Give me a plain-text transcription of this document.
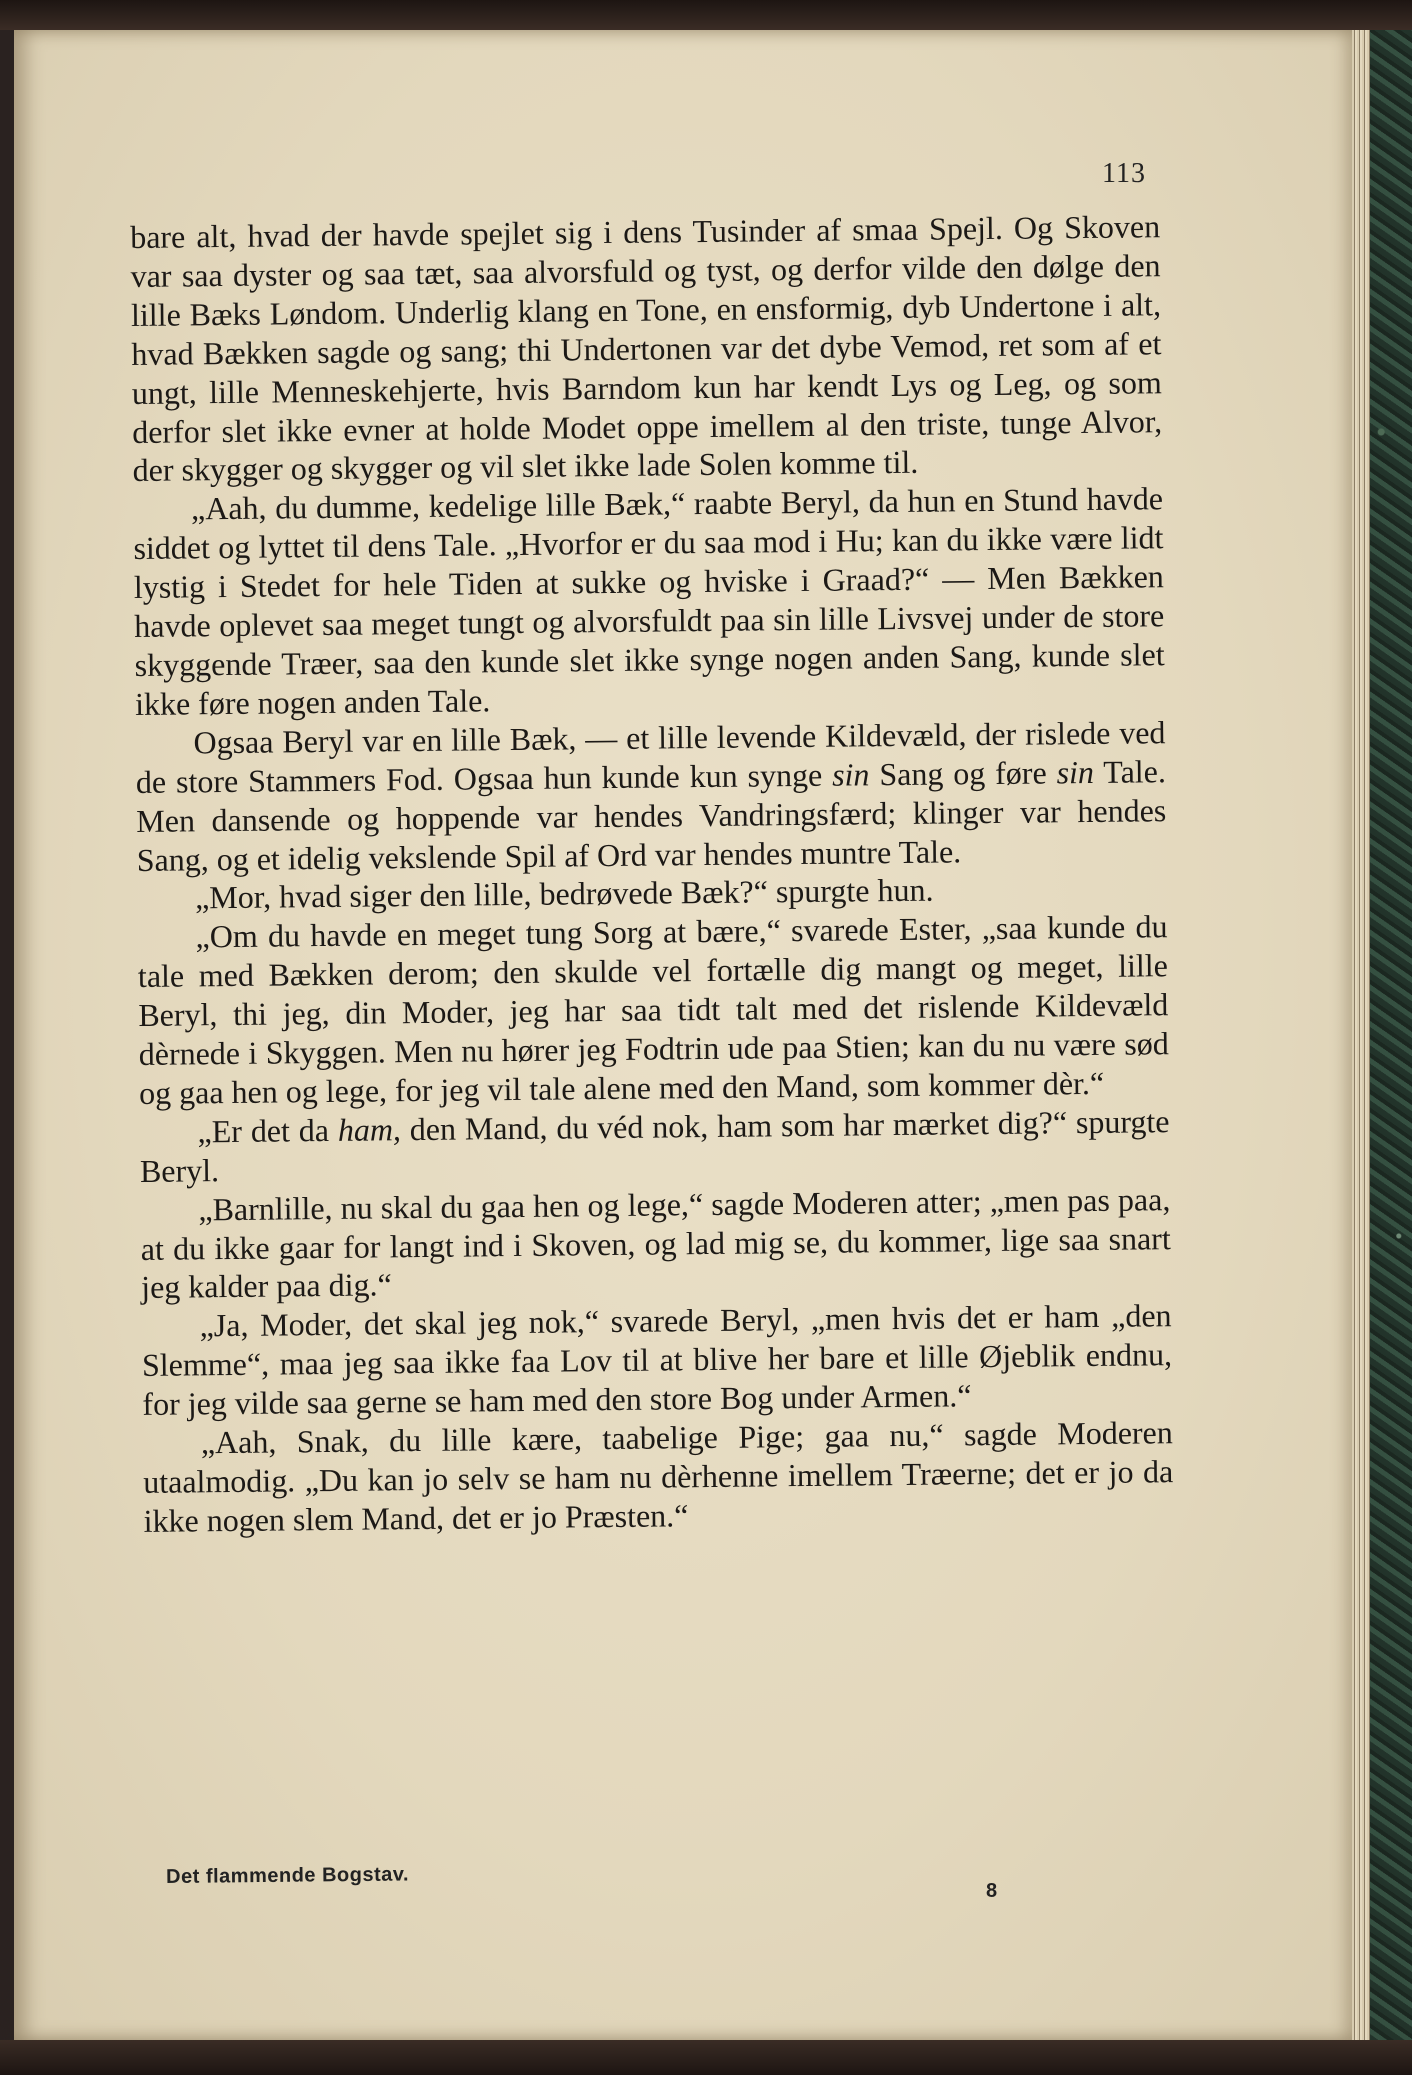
113

bare alt, hvad der havde spejlet sig i dens Tusinder af smaa Spejl. Og Skoven var saa dyster og saa tæt, saa alvorsfuld og tyst, og derfor vilde den dølge den lille Bæks Løndom. Underlig klang en Tone, en ensformig, dyb Undertone i alt, hvad Bækken sagde og sang; thi Undertonen var det dybe Vemod, ret som af et ungt, lille Menneskehjerte, hvis Barndom kun har kendt Lys og Leg, og som derfor slet ikke evner at holde Modet oppe imellem al den triste, tunge Alvor, der skygger og skygger og vil slet ikke lade Solen komme til.

„Aah, du dumme, kedelige lille Bæk,“ raabte Beryl, da hun en Stund havde siddet og lyttet til dens Tale. „Hvorfor er du saa mod i Hu; kan du ikke være lidt lystig i Stedet for hele Tiden at sukke og hviske i Graad?“ — Men Bækken havde oplevet saa meget tungt og alvorsfuldt paa sin lille Livsvej under de store skyggende Træer, saa den kunde slet ikke synge nogen anden Sang, kunde slet ikke føre nogen anden Tale.

Ogsaa Beryl var en lille Bæk, — et lille levende Kildevæld, der rislede ved de store Stammers Fod. Ogsaa hun kunde kun synge sin Sang og føre sin Tale. Men dansende og hoppende var hendes Vandringsfærd; klinger var hendes Sang, og et idelig vekslende Spil af Ord var hendes muntre Tale.

„Mor, hvad siger den lille, bedrøvede Bæk?“ spurgte hun.

„Om du havde en meget tung Sorg at bære,“ svarede Ester, „saa kunde du tale med Bækken derom; den skulde vel fortælle dig mangt og meget, lille Beryl, thi jeg, din Moder, jeg har saa tidt talt med det rislende Kildevæld dèrnede i Skyggen. Men nu hører jeg Fodtrin ude paa Stien; kan du nu være sød og gaa hen og lege, for jeg vil tale alene med den Mand, som kommer dèr.“

„Er det da ham, den Mand, du véd nok, ham som har mærket dig?“ spurgte Beryl.

„Barnlille, nu skal du gaa hen og lege,“ sagde Moderen atter; „men pas paa, at du ikke gaar for langt ind i Skoven, og lad mig se, du kommer, lige saa snart jeg kalder paa dig.“

„Ja, Moder, det skal jeg nok,“ svarede Beryl, „men hvis det er ham „den Slemme“, maa jeg saa ikke faa Lov til at blive her bare et lille Øjeblik endnu, for jeg vilde saa gerne se ham med den store Bog under Armen.“

„Aah, Snak, du lille kære, taabelige Pige; gaa nu,“ sagde Moderen utaalmodig. „Du kan jo selv se ham nu dèrhenne imellem Træerne; det er jo da ikke nogen slem Mand, det er jo Præsten.“

Det flammende Bogstav.
8
